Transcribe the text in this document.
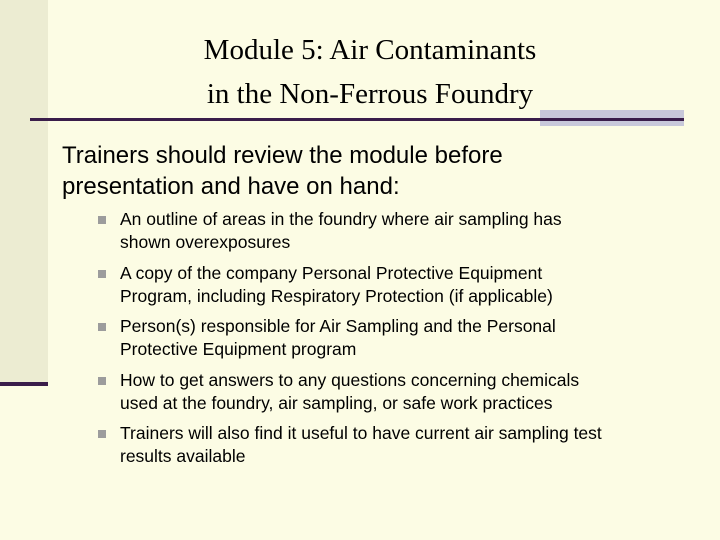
Module 5: Air Contaminants
in the Non-Ferrous Foundry
Trainers should review the module before
presentation and have on hand:
An outline of areas in the foundry where air sampling has
shown overexposures
A copy of the company Personal Protective Equipment
Program, including Respiratory Protection (if applicable)
Person(s) responsible for Air Sampling and the Personal
Protective Equipment program
How to get answers to any questions concerning chemicals
used at the foundry, air sampling, or safe work practices
Trainers will also find it useful to have current air sampling test
results available
